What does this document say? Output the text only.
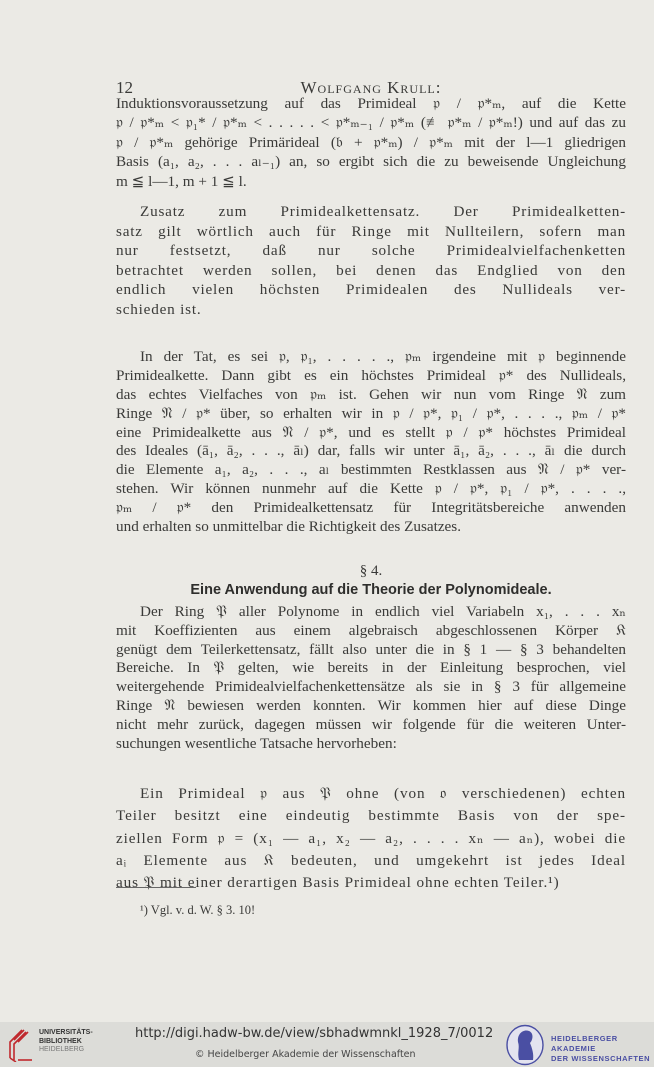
12	Wolfgang Krull:
Induktionsvoraussetzung auf das Primideal 𝔭 / 𝔭*ₘ, auf die Kette
𝔭 / 𝔭*ₘ < 𝔭₁* / 𝔭*ₘ < . . . . . < 𝔭*ₘ₋₁ / 𝔭*ₘ (≢ 𝔭*ₘ / 𝔭*ₘ!) und auf das zu
𝔭 / 𝔭*ₘ gehörige Primärideal (𝔟 + 𝔭*ₘ) / 𝔭*ₘ mit der l—1 gliedrigen
Basis (a₁, a₂, . . . aₗ₋₁) an, so ergibt sich die zu beweisende Ungleichung
m ≦ l—1, m + 1 ≦ l.
Zusatz zum Primidealkettensatz. Der Primidealketten-
satz gilt wörtlich auch für Ringe mit Nullteilern, sofern man
nur festsetzt, daß nur solche Primidealvielfachenketten
betrachtet werden sollen, bei denen das Endglied von den
endlich vielen höchsten Primidealen des Nullideals ver-
schieden ist.
In der Tat, es sei 𝔭, 𝔭₁, . . . . ., 𝔭ₘ irgendeine mit 𝔭 beginnende
Primidealkette. Dann gibt es ein höchstes Primideal 𝔭* des Nullideals,
das echtes Vielfaches von 𝔭ₘ ist. Gehen wir nun vom Ringe 𝔑 zum
Ringe 𝔑 / 𝔭* über, so erhalten wir in 𝔭 / 𝔭*, 𝔭₁ / 𝔭*, . . . ., 𝔭ₘ / 𝔭*
eine Primidealkette aus 𝔑 / 𝔭*, und es stellt 𝔭 / 𝔭* höchstes Primideal
des Ideales (ā₁, ā₂, . . ., āₗ) dar, falls wir unter ā₁, ā₂, . . ., āₗ die durch
die Elemente a₁, a₂, . . ., aₗ bestimmten Restklassen aus 𝔑 / 𝔭* ver-
stehen. Wir können nunmehr auf die Kette 𝔭 / 𝔭*, 𝔭₁ / 𝔭*, . . . .,
𝔭ₘ / 𝔭* den Primidealkettensatz für Integritätsbereiche anwenden
und erhalten so unmittelbar die Richtigkeit des Zusatzes.
§ 4.
Eine Anwendung auf die Theorie der Polynomideale.
Der Ring 𝔓 aller Polynome in endlich viel Variabeln x₁, . . . xₙ
mit Koeffizienten aus einem algebraisch abgeschlossenen Körper 𝔎
genügt dem Teilerkettensatz, fällt also unter die in § 1 — § 3 behandelten
Bereiche. In 𝔓 gelten, wie bereits in der Einleitung besprochen, viel
weitergehende Primidealvielfachenkettensätze als sie in § 3 für allgemeine
Ringe 𝔑 bewiesen werden konnten. Wir kommen hier auf diese Dinge
nicht mehr zurück, dagegen müssen wir folgende für die weiteren Unter-
suchungen wesentliche Tatsache hervorheben:
Ein Primideal 𝔭 aus 𝔓 ohne (von 𝔬 verschiedenen) echten
Teiler besitzt eine eindeutig bestimmte Basis von der spe-
ziellen Form 𝔭 = (x₁ — a₁, x₂ — a₂, . . . . xₙ — aₙ), wobei die
aᵢ Elemente aus 𝔎 bedeuten, und umgekehrt ist jedes Ideal
aus 𝔓 mit einer derartigen Basis Primideal ohne echten Teiler.¹)
¹) Vgl. v. d. W. § 3. 10!
UNIVERSITÄTS-
BIBLIOTHEK
HEIDELBERG
http://digi.hadw-bw.de/view/sbhadwmnkl_1928_7/0012
© Heidelberger Akademie der Wissenschaften
HEIDELBERGER AKADEMIE
DER WISSENSCHAFTEN
